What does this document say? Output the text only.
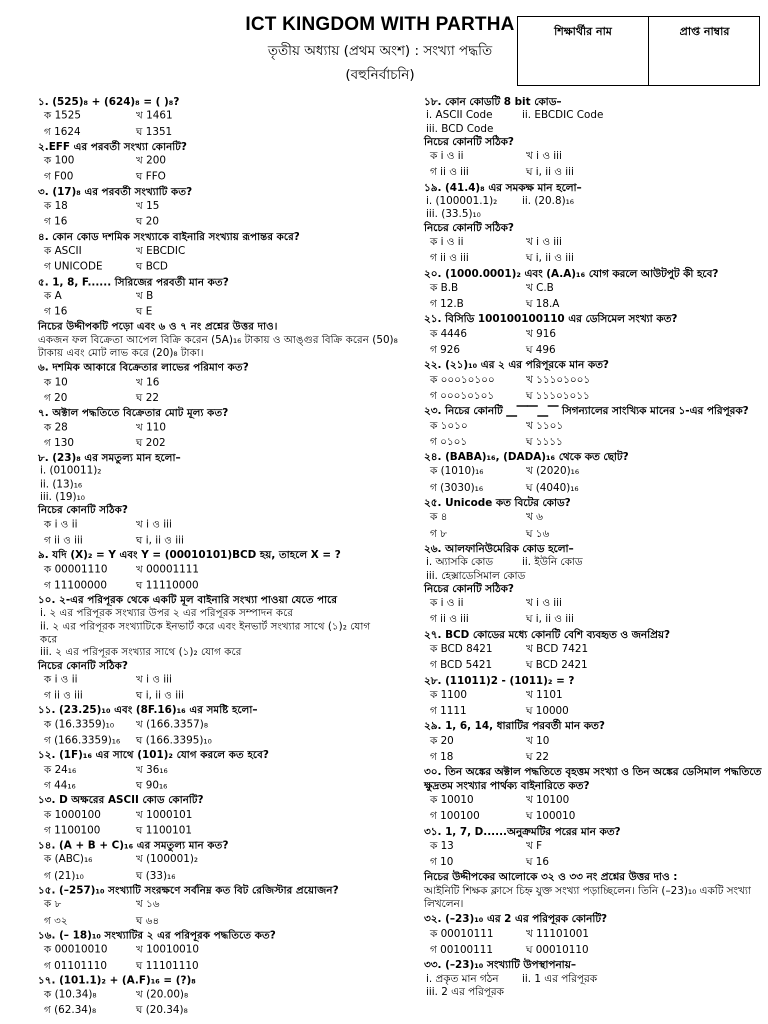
ICT KINGDOM WITH PARTHA
তৃতীয় অধ্যায় (প্রথম অংশ) : সংখ্যা পদ্ধতি
(বহুনির্বাচনি)
শিক্ষার্থীর নাম	প্রাপ্ত নাম্বার
১. (525)₈ + (624)₈ = ( )₈?
ক 1525	খ 1461
গ 1624	ঘ 1351
২.EFF এর পরবর্তী সংখ্যা কোনটি?
ক 100	খ 200
গ F00	ঘ FFO
৩. (17)₈ এর পরবর্তী সংখ্যাটি কত?
ক 18	খ 15
গ 16	ঘ 20
৪. কোন কোড দশমিক সংখ্যাকে বাইনারি সংখ্যায় রূপান্তর করে?
ক ASCII	খ EBCDIC
গ UNICODE	ঘ BCD
৫. 1, 8, F...... সিরিজের পরবর্তী মান কত?
ক A	খ B
গ 16	ঘ E
নিচের উদ্দীপকটি পড়ো এবং ৬ ও ৭ নং প্রশ্নের উত্তর দাও।
একজন ফল বিক্রেতা আপেল বিক্রি করেন (5A)₁₆ টাকায় ও আঙ্গুর বিক্রি করেন (50)₈
টাকায় এবং মোট লাভ করে (20)₈ টাকা।
৬. দশমিক আকারে বিক্রেতার লাভের পরিমাণ কত?
ক 10	খ 16
গ 20	ঘ 22
৭. অক্টাল পদ্ধতিতে বিক্রেতার মোট মূল্য কত?
ক 28	খ 110
গ 130	ঘ 202
৮. (23)₈ এর সমতুল্য মান হলো–
i. (010011)₂
ii. (13)₁₆
iii. (19)₁₀
নিচের কোনটি সঠিক?
ক i ও ii	খ i ও iii
গ ii ও iii	ঘ i, ii ও iii
৯. যদি (X)₂ = Y এবং Y = (00010101)BCD হয়, তাহলে X = ?
ক 00001110	খ 00001111
গ 11100000	ঘ 11110000
১০. ২-এর পরিপূরক থেকে একটি মূল বাইনারি সংখ্যা পাওয়া যেতে পারে
i. ২ এর পরিপূরক সংখ্যার উপর ২ এর পরিপূরক সম্পাদন করে
ii. ২ এর পরিপূরক সংখ্যাটিকে ইনভার্ট করে এবং ইনভার্ট সংখ্যার সাথে (১)₂ যোগ
করে
iii. ২ এর পরিপূরক সংখ্যার সাথে (১)₂ যোগ করে
নিচের কোনটি সঠিক?
ক i ও ii	খ i ও iii
গ ii ও iii	ঘ i, ii ও iii
১১. (23.25)₁₀ এবং (8F.16)₁₆ এর সমষ্টি হলো–
ক (16.3359)₁₀	খ (166.3357)₈
গ (166.3359)₁₆	ঘ (166.3395)₁₀
১২. (1F)₁₆ এর সাথে (101)₂ যোগ করলে কত হবে?
ক 24₁₆	খ 36₁₆
গ 44₁₆	ঘ 90₁₆
১৩. D অক্ষরের ASCII কোড কোনটি?
ক 1000100	খ 1000101
গ 1100100	ঘ 1100101
১৪. (A + B + C)₁₆ এর সমতুল্য মান কত?
ক (ABC)₁₆	খ (100001)₂
গ (21)₁₀	ঘ (33)₁₆
১৫. (–257)₁₀ সংখ্যাটি সংরক্ষণে সর্বনিম্ন কত বিট রেজিস্টার প্রয়োজন?
ক ৮	খ ১৬
গ ৩২	ঘ ৬৪
১৬. (– 18)₁₀ সংখ্যাটির ২ এর পরিপূরক পদ্ধতিতে কত?
ক 00010010	খ 10010010
গ 01101110	ঘ 11101110
১৭. (101.1)₂ + (A.F)₁₆ = (?)₈
ক (10.34)₈	খ (20.00)₈
গ (62.34)₈	ঘ (20.34)₈
১৮. কোন কোডটি 8 bit কোড–
i. ASCII Code	ii. EBCDIC Code
iii. BCD Code
নিচের কোনটি সঠিক?
ক i ও ii	খ i ও iii
গ ii ও iii	ঘ i, ii ও iii
১৯. (41.4)₈ এর সমকক্ষ মান হলো–
i. (100001.1)₂	ii. (20.8)₁₆
iii. (33.5)₁₀
নিচের কোনটি সঠিক?
ক i ও ii	খ i ও iii
গ ii ও iii	ঘ i, ii ও iii
২০. (1000.0001)₂ এবং (A.A)₁₆ যোগ করলে আউটপুট কী হবে?
ক B.B	খ C.B
গ 12.B	ঘ 18.A
২১. বিসিডি 100100100110 এর ডেসিমেল সংখ্যা কত?
ক 4446	খ 916
গ 926	ঘ 496
২২. (২১)₁₀ এর ২ এর পরিপূরকে মান কত?
ক ০০০১০১০০	খ ১১১০১০০১
গ ০০০১০১০১	ঘ ১১১০১০১১
২৩. নিচের কোনটি ⎽⎺⎺⎽⎺ সিগন্যালের সাংখ্যিক মানের ১-এর পরিপূরক?
ক ১০১০	খ ১১০১
গ ০১০১	ঘ ১১১১
২৪. (BABA)₁₆, (DADA)₁₆ থেকে কত ছোট?
ক (1010)₁₆	খ (2020)₁₆
গ (3030)₁₆	ঘ (4040)₁₆
২৫. Unicode কত বিটের কোড?
ক ৪	খ ৬
গ ৮	ঘ ১৬
২৬. আলফানিউমেরিক কোড হলো–
i. অ্যাসকি কোড	ii. ইউনি কোড
iii. হেক্সাডেসিমাল কোড
নিচের কোনটি সঠিক?
ক i ও ii	খ i ও iii
গ ii ও iii	ঘ i, ii ও iii
২৭. BCD কোডের মধ্যে কোনটি বেশি ব্যবহৃত ও জনপ্রিয়?
ক BCD 8421	খ BCD 7421
গ BCD 5421	ঘ BCD 2421
২৮. (11011)2 - (1011)₂ = ?
ক 1100	খ 1101
গ 1111	ঘ 10000
২৯. 1, 6, 14, ধারাটির পরবর্তী মান কত?
ক 20	খ 10
গ 18	ঘ 22
৩০. তিন অঙ্কের অক্টাল পদ্ধতিতে বৃহত্তম সংখ্যা ও তিন অঙ্কের ডেসিমাল পদ্ধতিতে
ক্ষুদ্রতম সংখ্যার পার্থক্য বাইনারিতে কত?
ক 10010	খ 10100
গ 100100	ঘ 100010
৩১. 1, 7, D......অনুক্রমটির পরের মান কত?
ক 13	খ F
গ 10	ঘ 16
নিচের উদ্দীপকের আলোকে ৩২ ও ৩৩ নং প্রশ্নের উত্তর দাও :
আইনিটি শিক্ষক ক্লাসে চিহ্ন যুক্ত সংখ্যা পড়াচ্ছিলেন। তিনি (–23)₁₀ একটি সংখ্যা
লিখলেন।
৩২. (–23)₁₀ এর 2 এর পরিপূরক কোনটি?
ক 00010111	খ 11101001
গ 00100111	ঘ 00010110
৩৩. (–23)₁₀ সংখ্যাটি উপস্থাপনায়–
i. প্রকৃত মান গঠন	ii. 1 এর পরিপূরক
iii. 2 এর পরিপূরক
